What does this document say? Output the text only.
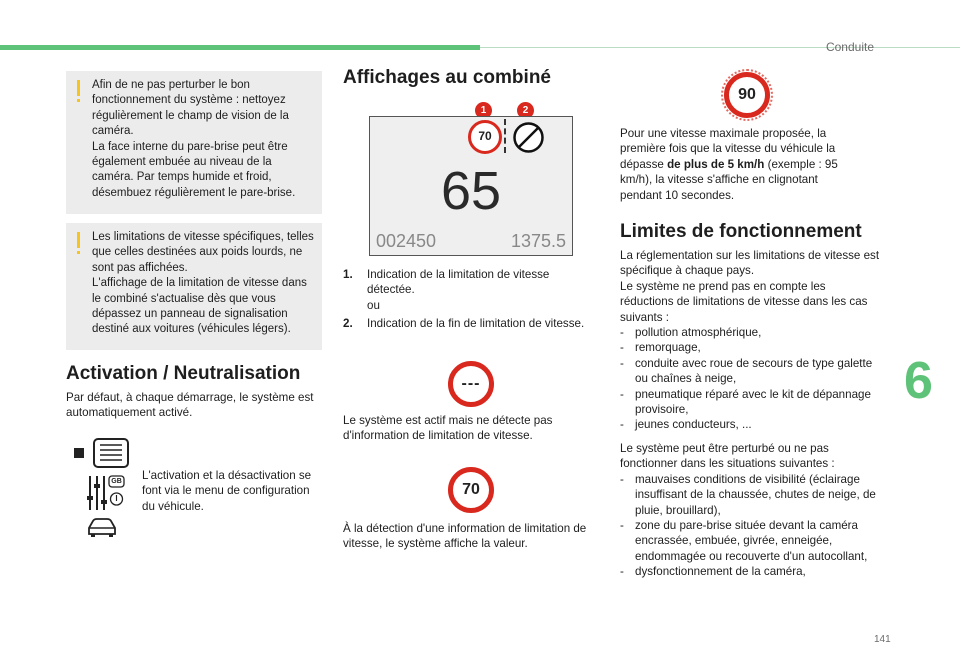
Conduite
6
141

Afin de ne pas perturber le bon fonctionnement du système : nettoyez régulièrement le champ de vision de la caméra.

La face interne du pare-brise peut être également embuée au niveau de la caméra. Par temps humide et froid, désembuez régulièrement le pare-brise.

Les limitations de vitesse spécifiques, telles que celles destinées aux poids lourds, ne sont pas affichées.

L'affichage de la limitation de vitesse dans le combiné s'actualise dès que vous dépassez un panneau de signalisation destiné aux voitures (véhicules légers).

Activation / Neutralisation
Par défaut, à chaque démarrage, le système est automatiquement activé.
GB
I
L'activation et la désactivation se font via le menu de configuration du véhicule.
Affichages au combiné
1	2
70
65
002450	1375.5
1.	Indication de la limitation de vitesse détectée.
ou
2.	Indication de la fin de limitation de vitesse.
---
Le système est actif mais ne détecte pas d'information de limitation de vitesse.
70
À la détection d'une information de limitation de vitesse, le système affiche la valeur.
90
Pour une vitesse maximale proposée, la première fois que la vitesse du véhicule la dépasse de plus de 5 km/h (exemple : 95 km/h), la vitesse s'affiche en clignotant pendant 10 secondes.
Limites de fonctionnement
La réglementation sur les limitations de vitesse est spécifique à chaque pays.
Le système ne prend pas en compte les réductions de limitations de vitesse dans les cas suivants :
- pollution atmosphérique,
- remorquage,
- conduite avec roue de secours de type galette ou chaînes à neige,
- pneumatique réparé avec le kit de dépannage provisoire,
- jeunes conducteurs, ...
Le système peut être perturbé ou ne pas fonctionner dans les situations suivantes :
- mauvaises conditions de visibilité (éclairage insuffisant de la chaussée, chutes de neige, de pluie, brouillard),
- zone du pare-brise située devant la caméra encrassée, embuée, givrée, enneigée, endommagée ou recouverte d'un autocollant,
- dysfonctionnement de la caméra,
